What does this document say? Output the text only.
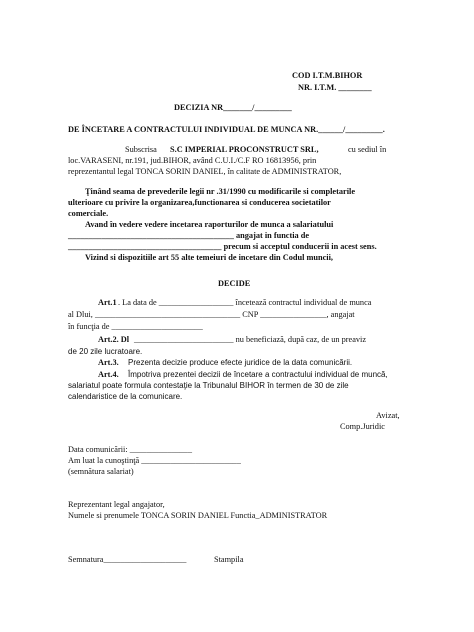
COD I.T.M.BIHOR
NR. I.T.M. ________
DECIZIA NR_______/_________
DE ÎNCETARE A CONTRACTULUI INDIVIDUAL DE MUNCA NR.______/_________.
Subscrisa S.C IMPERIAL PROCONSTRUCT SRL,	cu sediul în
loc.VARASENI, nr.191, jud.BIHOR, având C.U.I./C.F RO 16813956, prin
reprezentantul legal TONCA SORIN DANIEL, în calitate de ADMINISTRATOR,
Ţinând seama de prevederile legii nr .31/1990 cu modificarile si completarile
ulterioare cu privire la organizarea,functionarea si conducerea societatilor
comerciale.
Avand în vedere vedere incetarea raporturilor de munca a salariatului
________________________________________ angajat in functia de
_____________________________________ precum si acceptul conducerii in acest sens.
Vizind si dispozitiile art 55 alte temeiuri de incetare din Codul muncii,
DECIDE
Art.1 . La data de __________________ încetează contractul individual de munca
al Dlui, ___________________________________ CNP ________________, angajat
în funcţia de ______________________
Art.2. Dl ________________________ nu beneficiază, după caz, de un preaviz
de 20 zile lucratoare.
Art.3. Prezenta decizie produce efecte juridice de la data comunicării.
Art.4. Împotriva prezentei decizii de încetare a contractului individual de muncă,
salariatul poate formula contestaţie la Tribunalul BIHOR în termen de 30 de zile
calendaristice de la comunicare.
Avizat,
Comp.Juridic
Data comunicării: _______________
Am luat la cunoştinţă ________________________
(semnătura salariat)
Reprezentant legal angajator,
Numele si prenumele TONCA SORIN DANIEL Functia_ADMINISTRATOR
Semnatura____________________	Stampila
